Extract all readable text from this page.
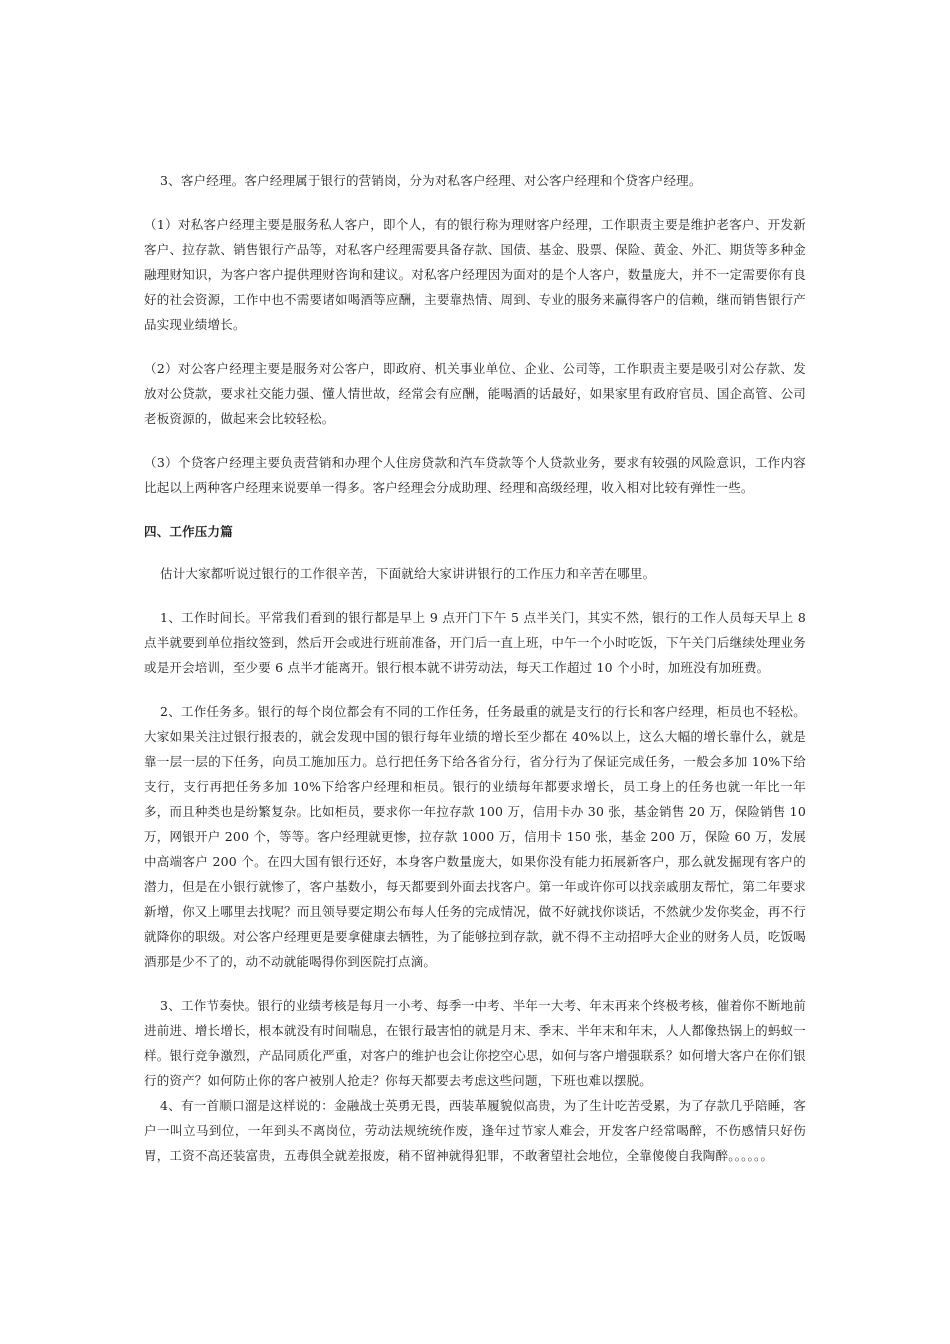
3、客户经理。客户经理属于银行的营销岗，分为对私客户经理、对公客户经理和个贷客户经理。

（1）对私客户经理主要是服务私人客户，即个人，有的银行称为理财客户经理，工作职责主要是维护老客户、开发新客户、拉存款、销售银行产品等，对私客户经理需要具备存款、国债、基金、股票、保险、黄金、外汇、期货等多种金融理财知识，为客户客户提供理财咨询和建议。对私客户经理因为面对的是个人客户，数量庞大，并不一定需要你有良好的社会资源，工作中也不需要诸如喝酒等应酬，主要靠热情、周到、专业的服务来赢得客户的信赖，继而销售银行产品实现业绩增长。

（2）对公客户经理主要是服务对公客户，即政府、机关事业单位、企业、公司等，工作职责主要是吸引对公存款、发放对公贷款，要求社交能力强、懂人情世故，经常会有应酬，能喝酒的话最好，如果家里有政府官员、国企高管、公司老板资源的，做起来会比较轻松。

（3）个贷客户经理主要负责营销和办理个人住房贷款和汽车贷款等个人贷款业务，要求有较强的风险意识，工作内容比起以上两种客户经理来说要单一得多。客户经理会分成助理、经理和高级经理，收入相对比较有弹性一些。

四、工作压力篇

估计大家都听说过银行的工作很辛苦，下面就给大家讲讲银行的工作压力和辛苦在哪里。

1、工作时间长。平常我们看到的银行都是早上 9 点开门下午 5 点半关门，其实不然，银行的工作人员每天早上 8 点半就要到单位指纹签到，然后开会或进行班前准备，开门后一直上班，中午一个小时吃饭，下午关门后继续处理业务或是开会培训，至少要 6 点半才能离开。银行根本就不讲劳动法，每天工作超过 10 个小时，加班没有加班费。

2、工作任务多。银行的每个岗位都会有不同的工作任务，任务最重的就是支行的行长和客户经理，柜员也不轻松。大家如果关注过银行报表的，就会发现中国的银行每年业绩的增长至少都在 40%以上，这么大幅的增长靠什么，就是靠一层一层的下任务，向员工施加压力。总行把任务下给各省分行，省分行为了保证完成任务，一般会多加 10%下给支行，支行再把任务多加 10%下给客户经理和柜员。银行的业绩每年都要求增长，员工身上的任务也就一年比一年多，而且种类也是纷繁复杂。比如柜员，要求你一年拉存款 100 万，信用卡办 30 张，基金销售 20 万，保险销售 10 万，网银开户 200 个，等等。客户经理就更惨，拉存款 1000 万，信用卡 150 张，基金 200 万，保险 60 万，发展中高端客户 200 个。在四大国有银行还好，本身客户数量庞大，如果你没有能力拓展新客户，那么就发掘现有客户的潜力，但是在小银行就惨了，客户基数小，每天都要到外面去找客户。第一年或许你可以找亲戚朋友帮忙，第二年要求新增，你又上哪里去找呢？而且领导要定期公布每人任务的完成情况，做不好就找你谈话，不然就少发你奖金，再不行就降你的职级。对公客户经理更是要拿健康去牺牲，为了能够拉到存款，就不得不主动招呼大企业的财务人员，吃饭喝酒那是少不了的，动不动就能喝得你到医院打点滴。

3、工作节奏快。银行的业绩考核是每月一小考、每季一中考、半年一大考、年末再来个终极考核，催着你不断地前进前进、增长增长，根本就没有时间喘息，在银行最害怕的就是月末、季末、半年末和年末，人人都像热锅上的蚂蚁一样。银行竞争激烈，产品同质化严重，对客户的维护也会让你挖空心思，如何与客户增强联系？如何增大客户在你们银行的资产？如何防止你的客户被别人抢走？你每天都要去考虑这些问题，下班也难以摆脱。

4、有一首顺口溜是这样说的：金融战士英勇无畏，西装革履貌似高贵，为了生计吃苦受累，为了存款几乎陪睡，客户一叫立马到位，一年到头不离岗位，劳动法规统统作废，逢年过节家人难会，开发客户经常喝醉，不伤感情只好伤胃，工资不高还装富贵，五毒俱全就差报废，稍不留神就得犯罪，不敢奢望社会地位，全靠傻傻自我陶醉。。。。。。
